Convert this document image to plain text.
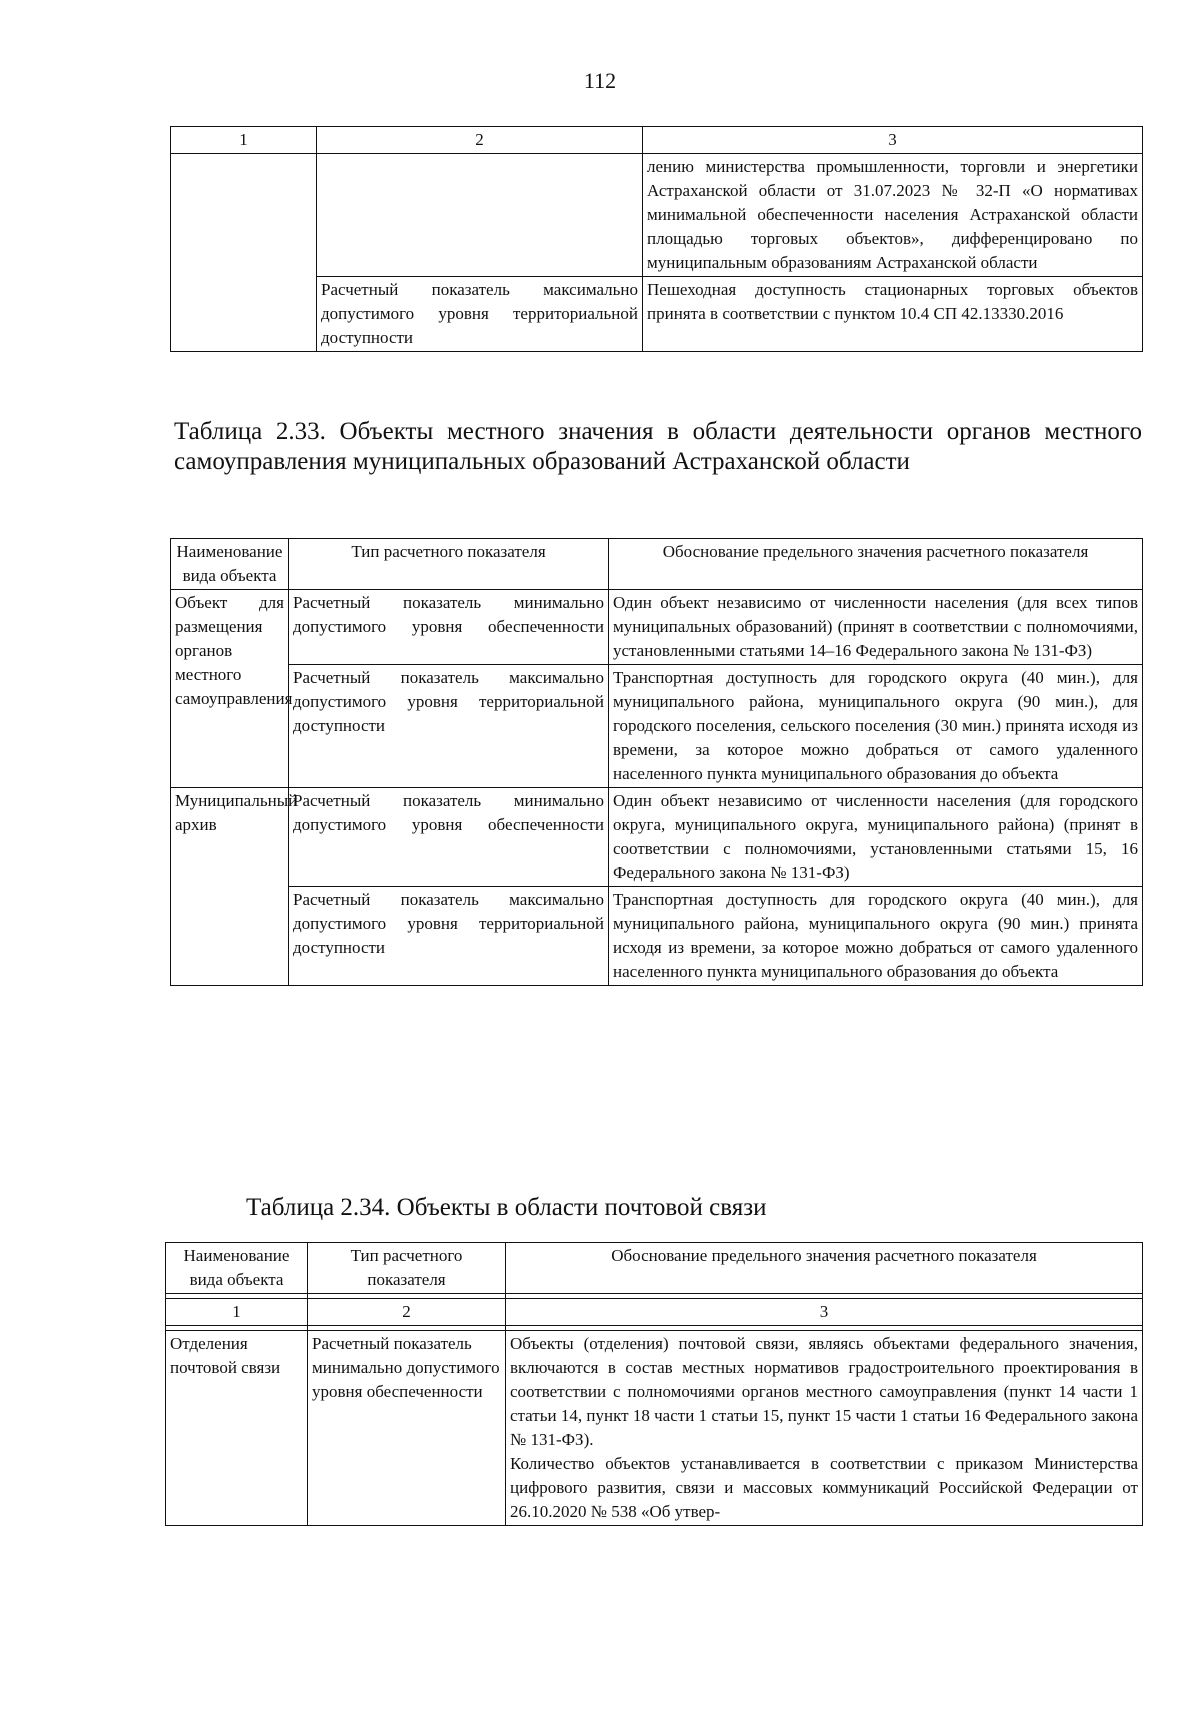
112
1	2	3
		лению министерства промышленности, торговли и энергетики Астраханской области от 31.07.2023 № 32-П «О нормативах минимальной обеспеченности населения Астраханской области площадью торговых объектов», дифференцировано по муниципальным образованиям Астраханской области
	Расчетный показатель максимально допустимого уровня территориальной доступности	Пешеходная доступность стационарных торговых объектов принята в соответствии с пунктом 10.4 СП 42.13330.2016
Таблица 2.33. Объекты местного значения в области деятельности органов местного самоуправления муниципальных образований Астраханской области
Наименование вида объекта	Тип расчетного показателя	Обоснование предельного значения расчетного показателя
Объект для размещения органов местного самоуправления	Расчетный показатель минимально допустимого уровня обеспеченности	Один объект независимо от численности населения (для всех типов муниципальных образований) (принят в соответствии с полномочиями, установленными статьями 14–16 Федерального закона № 131-ФЗ)
	Расчетный показатель максимально допустимого уровня территориальной доступности	Транспортная доступность для городского округа (40 мин.), для муниципального района, муниципального округа (90 мин.), для городского поселения, сельского поселения (30 мин.) принята исходя из времени, за которое можно добраться от самого удаленного населенного пункта муниципального образования до объекта
Муниципальный архив	Расчетный показатель минимально допустимого уровня обеспеченности	Один объект независимо от численности населения (для городского округа, муниципального округа, муниципального района) (принят в соответствии с полномочиями, установленными статьями 15, 16 Федерального закона № 131-ФЗ)
	Расчетный показатель максимально допустимого уровня территориальной доступности	Транспортная доступность для городского округа (40 мин.), для муниципального района, муниципального округа (90 мин.) принята исходя из времени, за которое можно добраться от самого удаленного населенного пункта муниципального образования до объекта
Таблица 2.34. Объекты в области почтовой связи
Наименование вида объекта	Тип расчетного показателя	Обоснование предельного значения расчетного показателя

1	2	3

Отделения почтовой связи	Расчетный показатель минимально допустимого уровня обеспеченности	Объекты (отделения) почтовой связи, являясь объектами федерального значения, включаются в состав местных нормативов градостроительного проектирования в соответствии с полномочиями органов местного самоуправления (пункт 14 части 1 статьи 14, пункт 18 части 1 статьи 15, пункт 15 части 1 статьи 16 Федерального закона № 131-ФЗ).
Количество объектов устанавливается в соответствии с приказом Министерства цифрового развития, связи и массовых коммуникаций Российской Федерации от 26.10.2020 № 538 «Об утвер-
